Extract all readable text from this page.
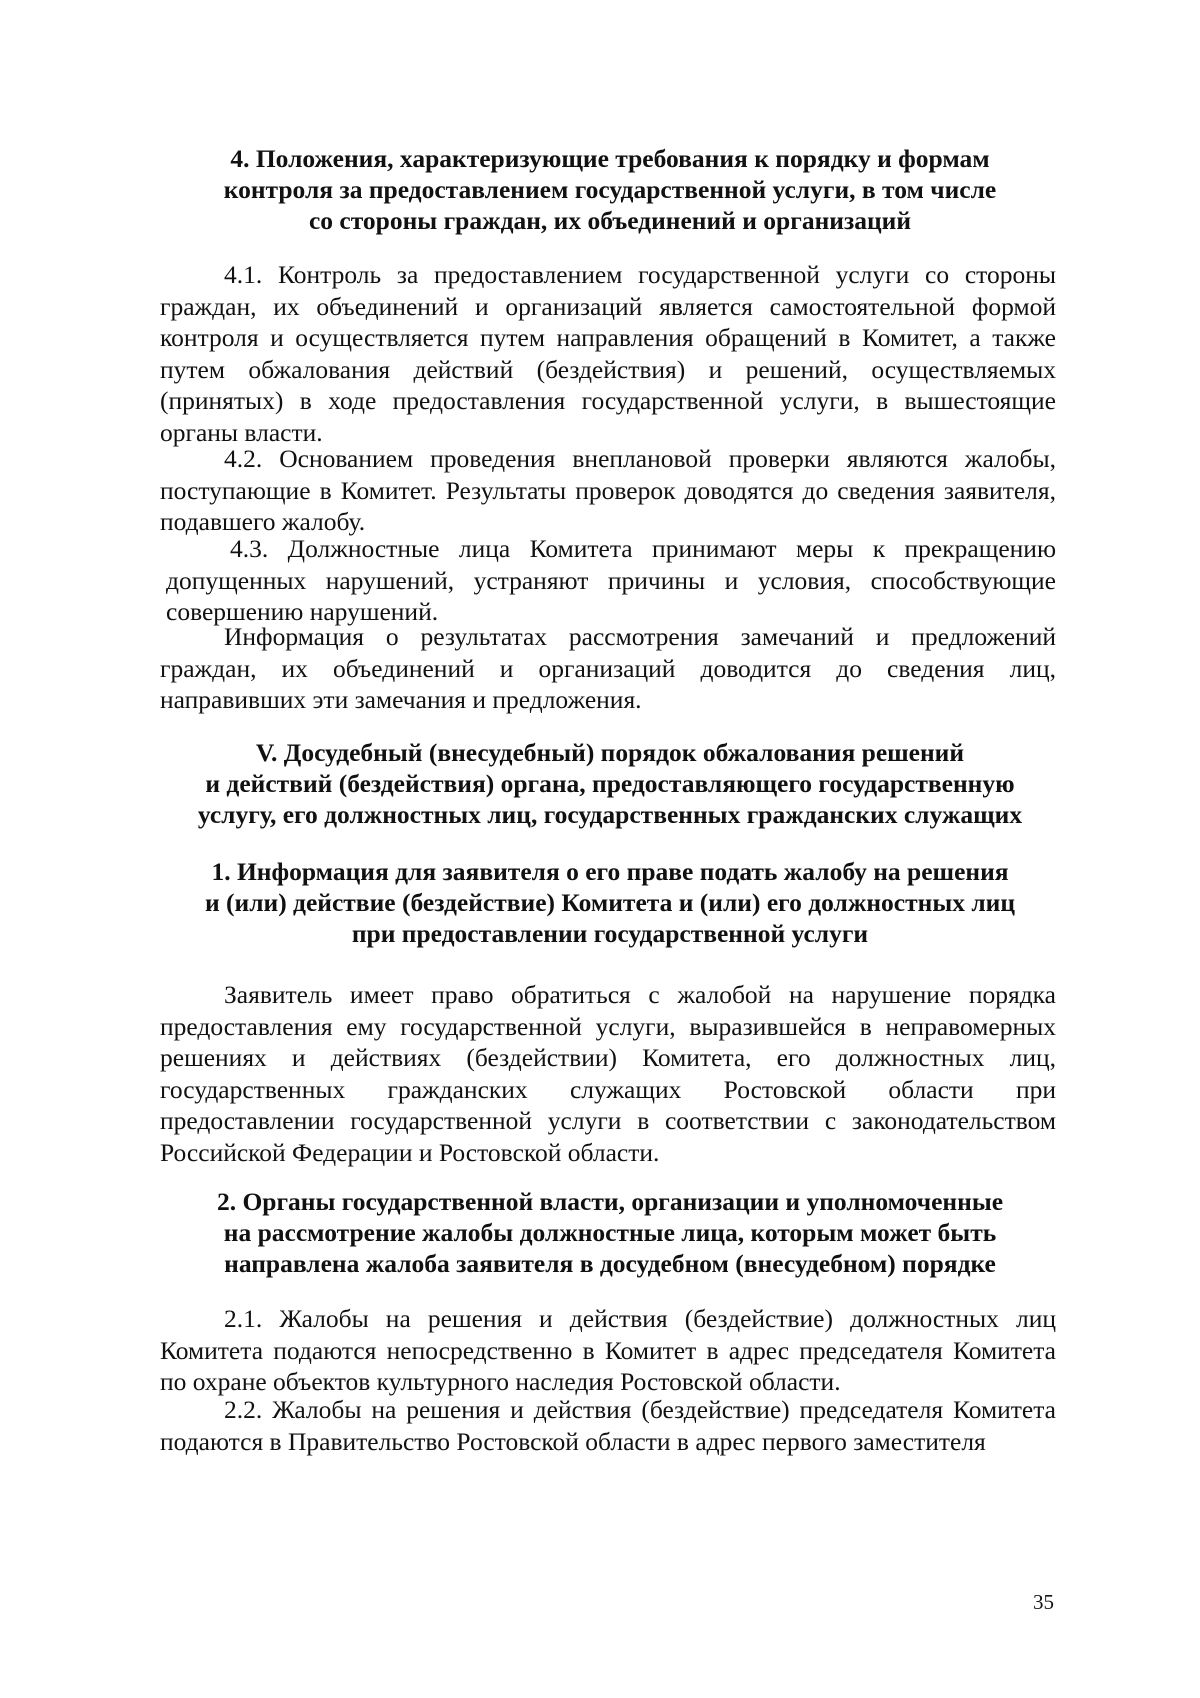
4. Положения, характеризующие требования к порядку и формам
контроля за предоставлением государственной услуги, в том числе
со стороны граждан, их объединений и организаций

4.1. Контроль за предоставлением государственной услуги со стороны граждан, их объединений и организаций является самостоятельной формой контроля и осуществляется путем направления обращений в Комитет, а также путем обжалования действий (бездействия) и решений, осуществляемых (принятых) в ходе предоставления государственной услуги, в вышестоящие органы власти.

4.2. Основанием проведения внеплановой проверки являются жалобы, поступающие в Комитет. Результаты проверок доводятся до сведения заявителя, подавшего жалобу.

4.3. Должностные лица Комитета принимают меры к прекращению допущенных нарушений, устраняют причины и условия, способствующие совершению нарушений.

Информация о результатах рассмотрения замечаний и предложений граждан, их объединений и организаций доводится до сведения лиц, направивших эти замечания и предложения.

V. Досудебный (внесудебный) порядок обжалования решений
и действий (бездействия) органа, предоставляющего государственную
услугу, его должностных лиц, государственных гражданских служащих
1. Информация для заявителя о его праве подать жалобу на решения
и (или) действие (бездействие) Комитета и (или) его должностных лиц
при предоставлении государственной услуги

Заявитель имеет право обратиться с жалобой на нарушение порядка предоставления ему государственной услуги, выразившейся в неправомерных решениях и действиях (бездействии) Комитета, его должностных лиц, государственных гражданских служащих Ростовской области при предоставлении государственной услуги в соответствии с законодательством Российской Федерации и Ростовской области.

2. Органы государственной власти, организации и уполномоченные
на рассмотрение жалобы должностные лица, которым может быть
направлена жалоба заявителя в досудебном (внесудебном) порядке

2.1. Жалобы на решения и действия (бездействие) должностных лиц Комитета подаются непосредственно в Комитет в адрес председателя Комитета по охране объектов культурного наследия Ростовской области.

2.2. Жалобы на решения и действия (бездействие) председателя Комитета подаются в Правительство Ростовской области в адрес первого заместителя

35
